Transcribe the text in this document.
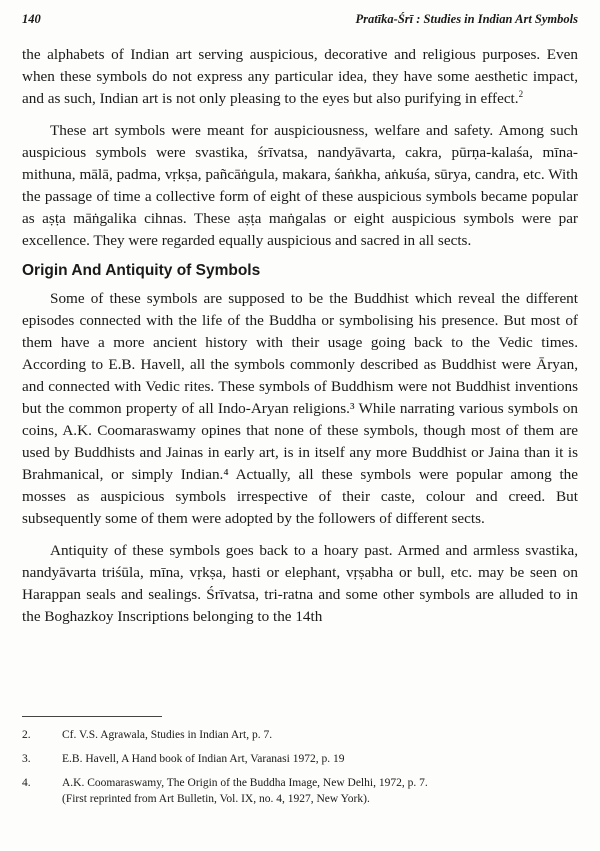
140	Pratīka-Śrī : Studies in Indian Art Symbols

the alphabets of Indian art serving auspicious, decorative and religious purposes. Even when these symbols do not express any particular idea, they have some aesthetic impact, and as such, Indian art is not only pleasing to the eyes but also purifying in effect.$^2$

These art symbols were meant for auspiciousness, welfare and safety. Among such auspicious symbols were svastika, śrīvatsa, nandyāvarta, cakra, pūrṇa-kalaśa, mīna-mithuna, mālā, padma, vṛkṣa, pañcāṅgula, makara, śaṅkha, aṅkuśa, sūrya, candra, etc. With the passage of time a collective form of eight of these auspicious symbols became popular as aṣṭa māṅgalika cihnas. These aṣṭa maṅgalas or eight auspicious symbols were par excellence. They were regarded equally auspicious and sacred in all sects.

Origin And Antiquity of Symbols

Some of these symbols are supposed to be the Buddhist which reveal the different episodes connected with the life of the Buddha or symbolising his presence. But most of them have a more ancient history with their usage going back to the Vedic times. According to E.B. Havell, all the symbols commonly described as Buddhist were Āryan, and connected with Vedic rites. These symbols of Buddhism were not Buddhist inventions but the common property of all Indo-Aryan religions.³ While narrating various symbols on coins, A.K. Coomaraswamy opines that none of these symbols, though most of them are used by Buddhists and Jainas in early art, is in itself any more Buddhist or Jaina than it is Brahmanical, or simply Indian.⁴ Actually, all these symbols were popular among the mosses as auspicious symbols irrespective of their caste, colour and creed. But subsequently some of them were adopted by the followers of different sects.

Antiquity of these symbols goes back to a hoary past. Armed and armless svastika, nandyāvarta triśūla, mīna, vṛkṣa, hasti or elephant, vṛṣabha or bull, etc. may be seen on Harappan seals and sealings. Śrīvatsa, tri-ratna and some other symbols are alluded to in the Boghazkoy Inscriptions belonging to the 14th

2.	Cf. V.S. Agrawala, Studies in Indian Art, p. 7.
3.	E.B. Havell, A Hand book of Indian Art, Varanasi 1972, p. 19
4.	A.K. Coomaraswamy, The Origin of the Buddha Image, New Delhi, 1972, p. 7.
(First reprinted from Art Bulletin, Vol. IX, no. 4, 1927, New York).
